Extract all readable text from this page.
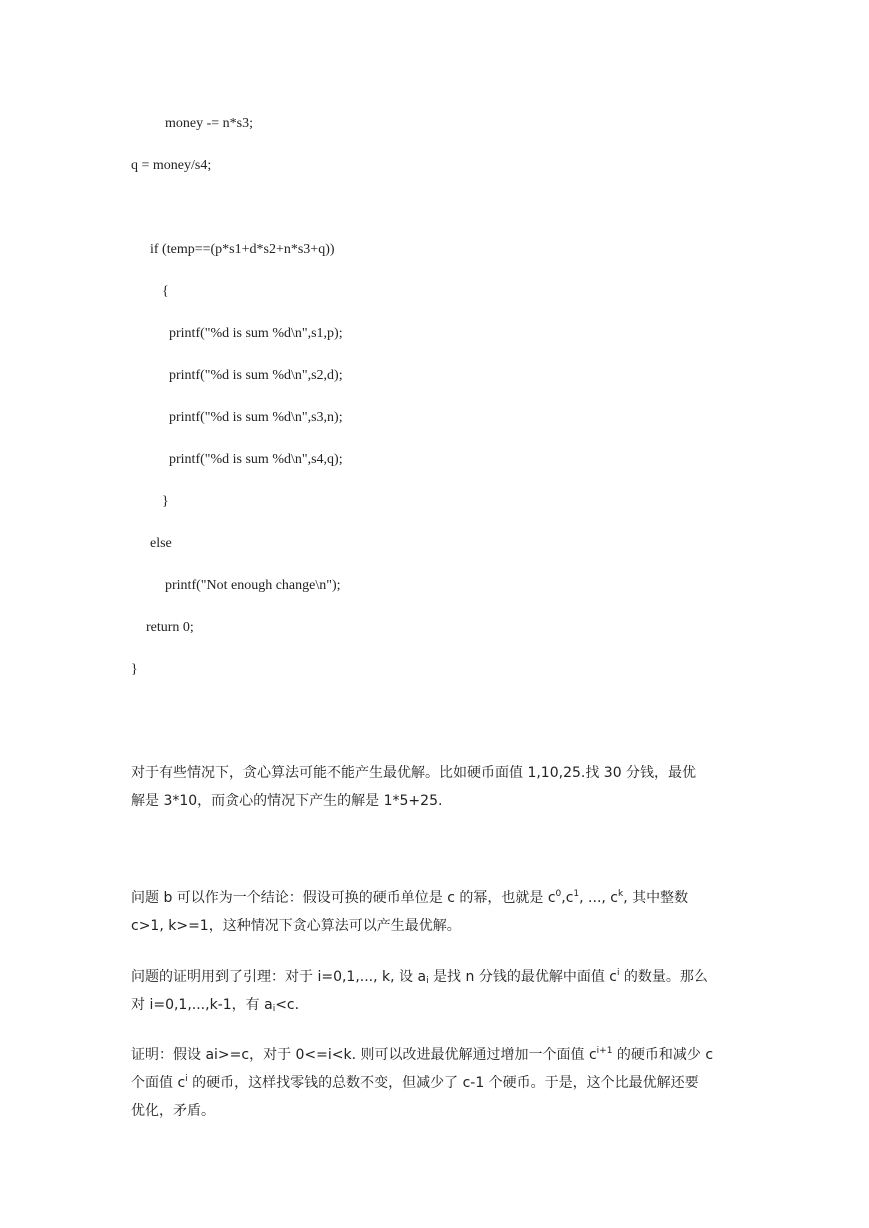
money -= n*s3;
q = money/s4;
if (temp==(p*s1+d*s2+n*s3+q))
{
printf("%d is sum %d\n",s1,p);
printf("%d is sum %d\n",s2,d);
printf("%d is sum %d\n",s3,n);
printf("%d is sum %d\n",s4,q);
}
else
printf("Not enough change\n");
return 0;
}
对于有些情况下，贪心算法可能不能产生最优解。比如硬币面值 1,10,25.找 30 分钱，最优
解是 3*10，而贪心的情况下产生的解是 1*5+25.
问题 b 可以作为一个结论：假设可换的硬币单位是 c 的幂，也就是 $c^0,c^1$, ..., $c^k$, 其中整数
c>1, k>=1，这种情况下贪心算法可以产生最优解。
问题的证明用到了引理：对于 i=0,1,..., k, 设 $a_i$ 是找 n 分钱的最优解中面值 $c^i$ 的数量。那么
对 i=0,1,...,k-1，有 $a_i<c$.
证明：假设 ai>=c，对于 0<=i<k. 则可以改进最优解通过增加一个面值 $c^{i+1}$ 的硬币和减少 c
个面值 $c^i$ 的硬币，这样找零钱的总数不变，但减少了 c-1 个硬币。于是，这个比最优解还要
优化，矛盾。
